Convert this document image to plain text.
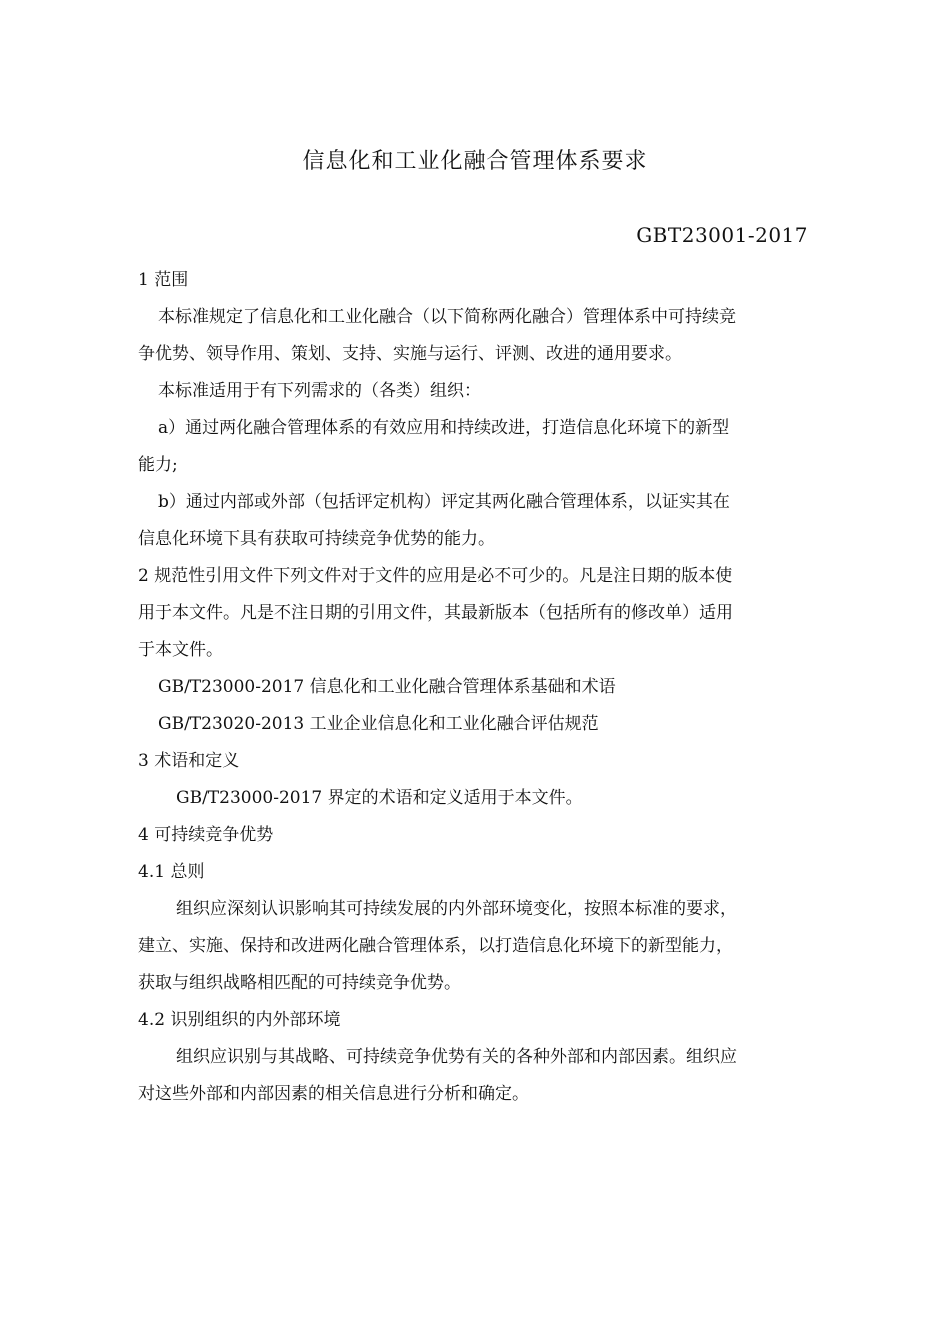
信息化和工业化融合管理体系要求
GBT23001-2017
1 范围
本标准规定了信息化和工业化融合（以下简称两化融合）管理体系中可持续竞
争优势、领导作用、策划、支持、实施与运行、评测、改进的通用要求。
本标准适用于有下列需求的（各类）组织：
a）通过两化融合管理体系的有效应用和持续改进，打造信息化环境下的新型
能力;
b）通过内部或外部（包括评定机构）评定其两化融合管理体系，以证实其在
信息化环境下具有获取可持续竞争优势的能力。
2 规范性引用文件下列文件对于文件的应用是必不可少的。凡是注日期的版本使
用于本文件。凡是不注日期的引用文件，其最新版本（包括所有的修改单）适用
于本文件。
GB/T23000-2017 信息化和工业化融合管理体系基础和术语
GB/T23020-2013 工业企业信息化和工业化融合评估规范
3 术语和定义
GB/T23000-2017 界定的术语和定义适用于本文件。
4 可持续竞争优势
4.1 总则
组织应深刻认识影响其可持续发展的内外部环境变化，按照本标准的要求，
建立、实施、保持和改进两化融合管理体系，以打造信息化环境下的新型能力，
获取与组织战略相匹配的可持续竞争优势。
4.2 识别组织的内外部环境
组织应识别与其战略、可持续竞争优势有关的各种外部和内部因素。组织应
对这些外部和内部因素的相关信息进行分析和确定。
